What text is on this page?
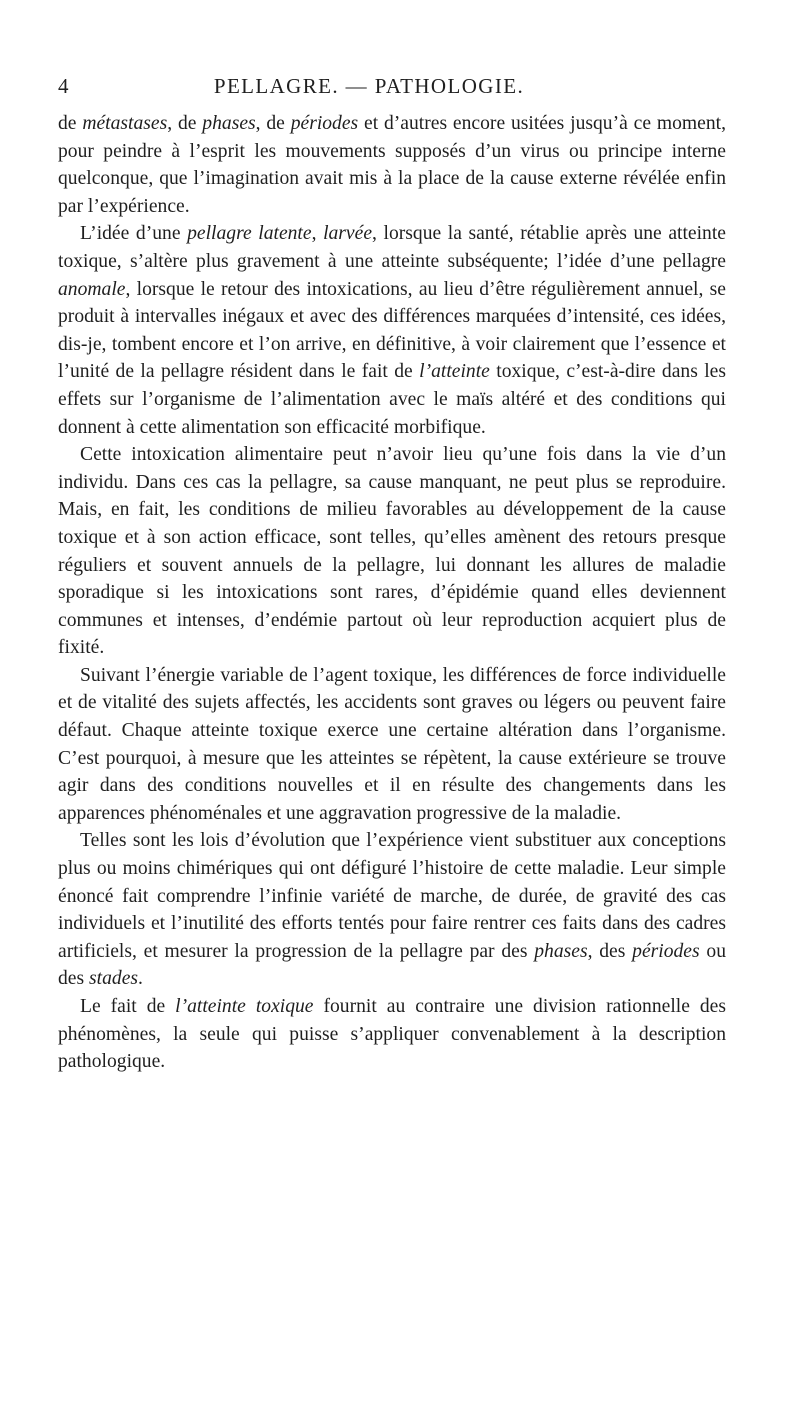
4	PELLAGRE. — PATHOLOGIE.

de métastases, de phases, de périodes et d’autres encore usitées jusqu’à ce moment, pour peindre à l’esprit les mouvements supposés d’un virus ou principe interne quelconque, que l’imagination avait mis à la place de la cause externe révélée enfin par l’expérience.

L’idée d’une pellagre latente, larvée, lorsque la santé, rétablie après une atteinte toxique, s’altère plus gravement à une atteinte subséquente; l’idée d’une pellagre anomale, lorsque le retour des intoxications, au lieu d’être régulièrement annuel, se produit à intervalles inégaux et avec des différences marquées d’intensité, ces idées, dis-je, tombent encore et l’on arrive, en définitive, à voir clairement que l’essence et l’unité de la pellagre résident dans le fait de l’atteinte toxique, c’est-à-dire dans les effets sur l’organisme de l’alimentation avec le maïs altéré et des conditions qui donnent à cette alimentation son efficacité morbifique.

Cette intoxication alimentaire peut n’avoir lieu qu’une fois dans la vie d’un individu. Dans ces cas la pellagre, sa cause manquant, ne peut plus se reproduire. Mais, en fait, les conditions de milieu favorables au développement de la cause toxique et à son action efficace, sont telles, qu’elles amènent des retours presque réguliers et souvent annuels de la pellagre, lui donnant les allures de maladie sporadique si les intoxications sont rares, d’épidémie quand elles deviennent communes et intenses, d’endémie partout où leur reproduction acquiert plus de fixité.

Suivant l’énergie variable de l’agent toxique, les différences de force individuelle et de vitalité des sujets affectés, les accidents sont graves ou légers ou peuvent faire défaut. Chaque atteinte toxique exerce une certaine altération dans l’organisme. C’est pourquoi, à mesure que les atteintes se répètent, la cause extérieure se trouve agir dans des conditions nouvelles et il en résulte des changements dans les apparences phénoménales et une aggravation progressive de la maladie.

Telles sont les lois d’évolution que l’expérience vient substituer aux conceptions plus ou moins chimériques qui ont défiguré l’histoire de cette maladie. Leur simple énoncé fait comprendre l’infinie variété de marche, de durée, de gravité des cas individuels et l’inutilité des efforts tentés pour faire rentrer ces faits dans des cadres artificiels, et mesurer la progression de la pellagre par des phases, des périodes ou des stades.

Le fait de l’atteinte toxique fournit au contraire une division rationnelle des phénomènes, la seule qui puisse s’appliquer convenablement à la description pathologique.
